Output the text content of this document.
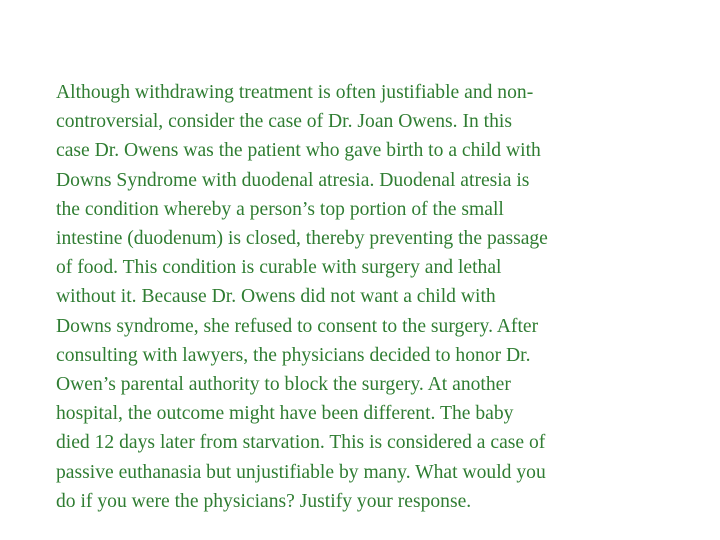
Although withdrawing treatment is often justifiable and non-
controversial, consider the case of Dr. Joan Owens. In this
case Dr. Owens was the patient who gave birth to a child with
Downs Syndrome with duodenal atresia. Duodenal atresia is
the condition whereby a person’s top portion of the small
intestine (duodenum) is closed, thereby preventing the passage
of food. This condition is curable with surgery and lethal
without it. Because Dr. Owens did not want a child with
Downs syndrome, she refused to consent to the surgery. After
consulting with lawyers, the physicians decided to honor Dr.
Owen’s parental authority to block the surgery. At another
hospital, the outcome might have been different. The baby
died 12 days later from starvation. This is considered a case of
passive euthanasia but unjustifiable by many. What would you
do if you were the physicians? Justify your response.
